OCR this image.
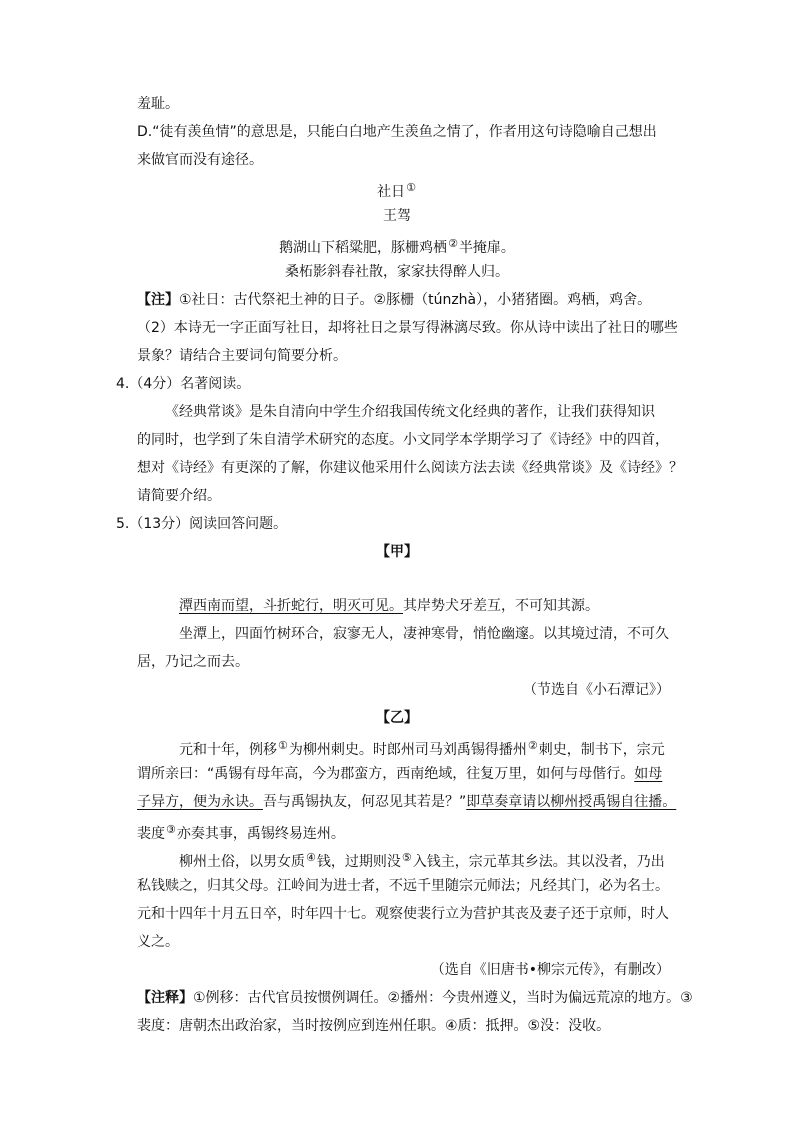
羞耻。
D.“徒有羡鱼情”的意思是，只能白白地产生羡鱼之情了，作者用这句诗隐喻自己想出
来做官而没有途径。
社日①
王驾
鹅湖山下稻粱肥，豚栅鸡栖②半掩扉。
桑柘影斜春社散，家家扶得醉人归。
【注】①社日：古代祭祀土神的日子。②豚栅（tún​zhà），小猪猪圈。鸡栖，鸡舍。
（2）本诗无一字正面写社日，却将社日之景写得淋漓尽致。你从诗中读出了社日的哪些
景象？请结合主要词句简要分析。
4.（4分）名著阅读。
《经典常谈》是朱自清向中学生介绍我国传统文化经典的著作，让我们获得知识
的同时，也学到了朱自清学术研究的态度。小文同学本学期学习了《诗经》中的四首，
想对《诗经》有更深的了解，你建议他采用什么阅读方法去读《经典常谈》及《诗经》？
请简要介绍。
5.（13分）阅读回答问题。
【甲】
潭西南而望，斗折蛇行，明灭可见。其岸势犬牙差互，不可知其源。
坐潭上，四面竹树环合，寂寥无人，凄神寒骨，悄怆幽邃。以其境过清，不可久
居，乃记之而去。
（节选自《小石潭记》）
【乙】
元和十年，例移①为柳州刺史。时郎州司马刘禹锡得播州②刺史，制书下，宗元
谓所亲曰：“禹锡有母年高，今为郡蛮方，西南绝域，往复万里，如何与母偕行。如母
子异方，便为永诀。吾与禹锡执友，何忍见其若是？”即草奏章请以柳州授禹锡自往播。
裴度③亦奏其事，禹锡终易连州。
柳州土俗，以男女质④钱，过期则没⑤入钱主，宗元革其乡法。其以没者，乃出
私钱赎之，归其父母。江岭间为进士者，不远千里随宗元师法；凡经其门，必为名士。
元和十四年十月五日卒，时年四十七。观察使裴行立为营护其丧及妻子还于京师，时人
义之。
（选自《旧唐书•柳宗元传》，有删改）
【注释】①例移：古代官员按惯例调任。②播州：今贵州遵义，当时为偏远荒凉的地方。③
裴度：唐朝杰出政治家，当时按例应到连州任职。④质：抵押。⑤没：没收。
